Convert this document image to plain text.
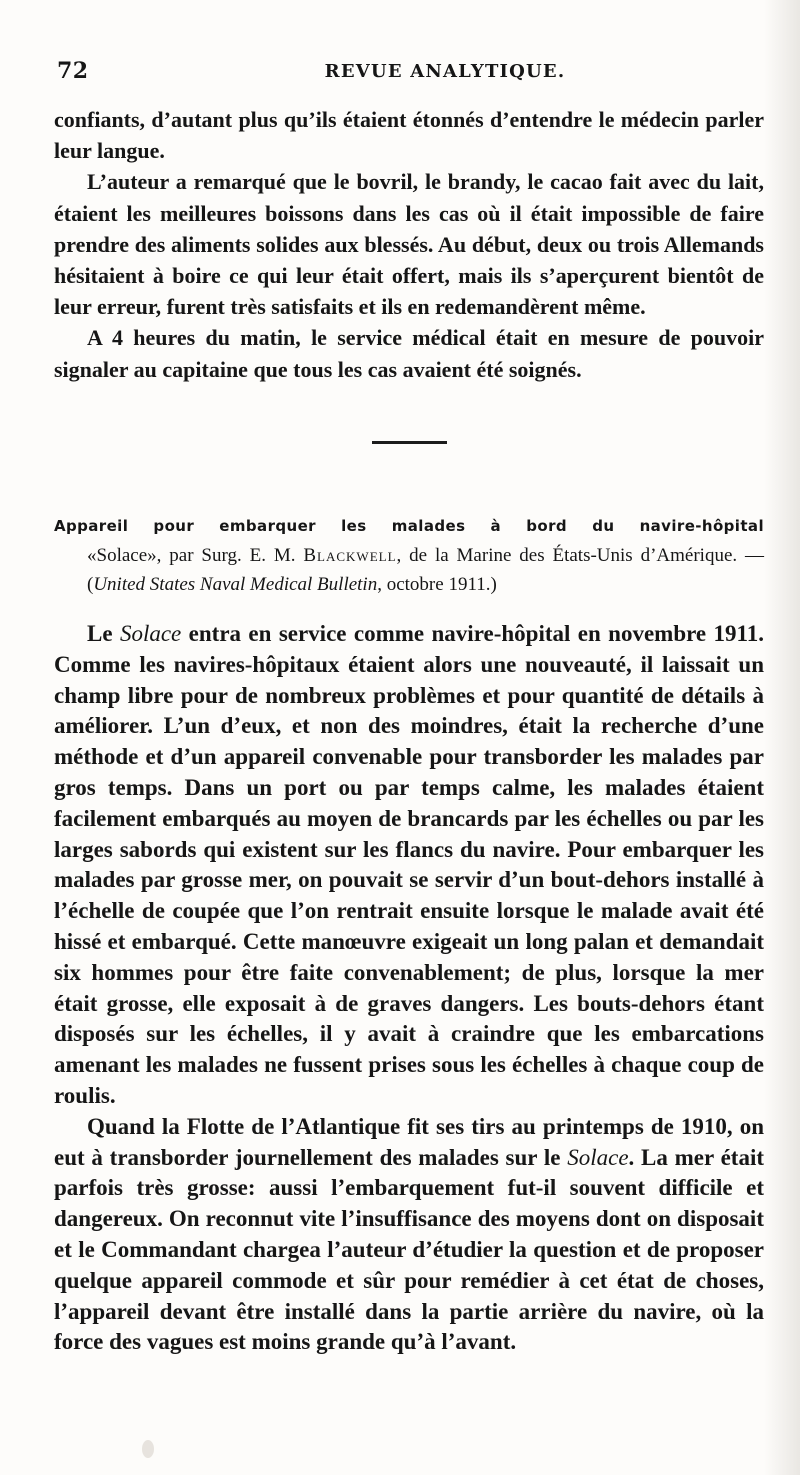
72	REVUE ANALYTIQUE.

confiants, d’autant plus qu’ils étaient étonnés d’entendre le médecin parler leur langue.

L’auteur a remarqué que le bovril, le brandy, le cacao fait avec du lait, étaient les meilleures boissons dans les cas où il était impossible de faire prendre des aliments solides aux blessés. Au début, deux ou trois Allemands hésitaient à boire ce qui leur était offert, mais ils s’aperçurent bientôt de leur erreur, furent très satisfaits et ils en redemandèrent même.

A 4 heures du matin, le service médical était en mesure de pouvoir signaler au capitaine que tous les cas avaient été soignés.

Appareil pour embarquer les malades à bord du navire-hôpital
«Solace», par Surg. E. M. Blackwell, de la Marine des États-Unis d’Amérique. — (United States Naval Medical Bulletin, octobre 1911.)

Le Solace entra en service comme navire-hôpital en novembre 1911. Comme les navires-hôpitaux étaient alors une nouveauté, il laissait un champ libre pour de nombreux problèmes et pour quantité de détails à améliorer. L’un d’eux, et non des moindres, était la recherche d’une méthode et d’un appareil convenable pour transborder les malades par gros temps. Dans un port ou par temps calme, les malades étaient facilement embarqués au moyen de brancards par les échelles ou par les larges sabords qui existent sur les flancs du navire. Pour embarquer les malades par grosse mer, on pouvait se servir d’un bout-dehors installé à l’échelle de coupée que l’on rentrait ensuite lorsque le malade avait été hissé et embarqué. Cette manœuvre exigeait un long palan et demandait six hommes pour être faite convenablement; de plus, lorsque la mer était grosse, elle exposait à de graves dangers. Les bouts-dehors étant disposés sur les échelles, il y avait à craindre que les embarcations amenant les malades ne fussent prises sous les échelles à chaque coup de roulis.

Quand la Flotte de l’Atlantique fit ses tirs au printemps de 1910, on eut à transborder journellement des malades sur le Solace. La mer était parfois très grosse: aussi l’embarquement fut-il souvent difficile et dangereux. On reconnut vite l’insuffisance des moyens dont on disposait et le Commandant chargea l’auteur d’étudier la question et de proposer quelque appareil commode et sûr pour remédier à cet état de choses, l’appareil devant être installé dans la partie arrière du navire, où la force des vagues est moins grande qu’à l’avant.
